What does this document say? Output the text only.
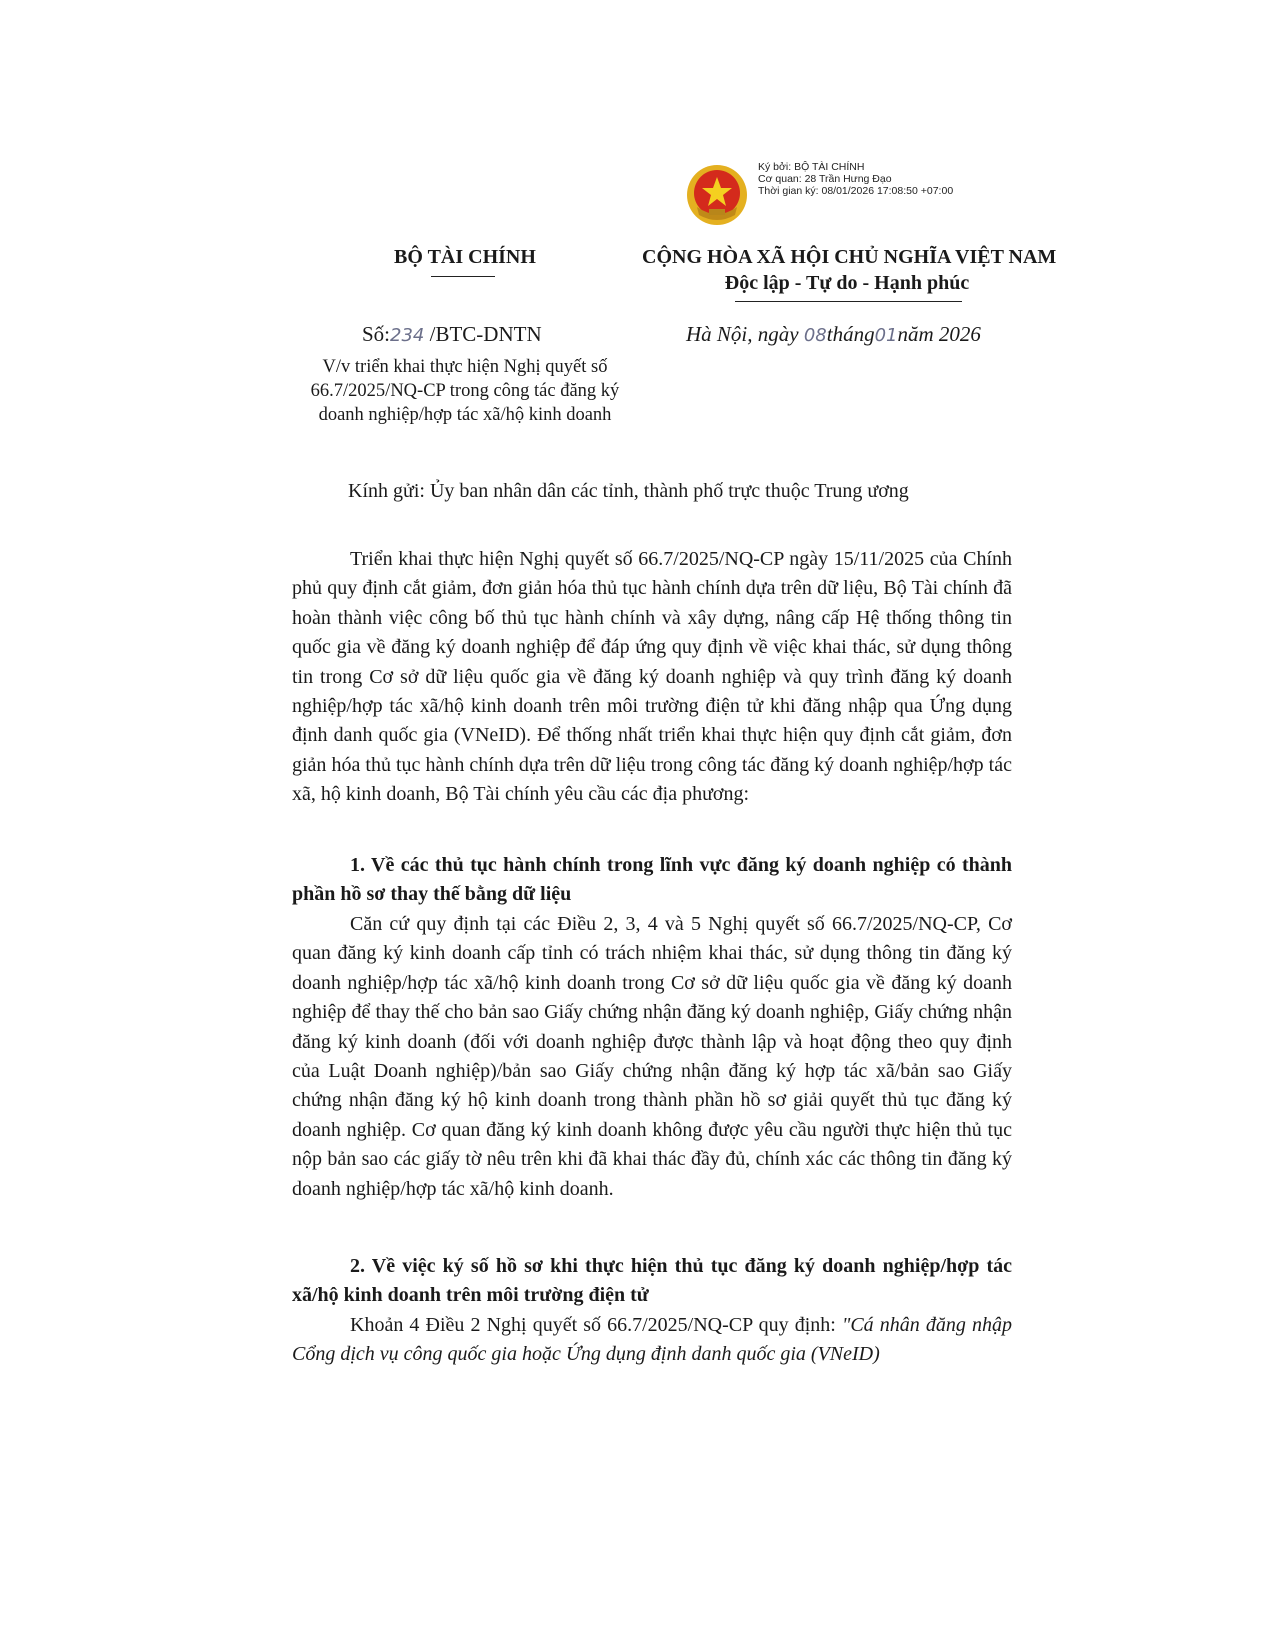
Ký bởi: BỘ TÀI CHÍNH
Cơ quan: 28 Trần Hưng Đạo
Thời gian ký: 08/01/2026 17:08:50 +07:00
BỘ TÀI CHÍNH	CỘNG HÒA XÃ HỘI CHỦ NGHĨA VIỆT NAM
Độc lập - Tự do - Hạnh phúc
Số:234 /BTC-DNTN	Hà Nội, ngày 08tháng01năm 2026
V/v triển khai thực hiện Nghị quyết số 66.7/2025/NQ-CP trong công tác đăng ký doanh nghiệp/hợp tác xã/hộ kinh doanh
Kính gửi: Ủy ban nhân dân các tỉnh, thành phố trực thuộc Trung ương
Triển khai thực hiện Nghị quyết số 66.7/2025/NQ-CP ngày 15/11/2025 của Chính phủ quy định cắt giảm, đơn giản hóa thủ tục hành chính dựa trên dữ liệu, Bộ Tài chính đã hoàn thành việc công bố thủ tục hành chính và xây dựng, nâng cấp Hệ thống thông tin quốc gia về đăng ký doanh nghiệp để đáp ứng quy định về việc khai thác, sử dụng thông tin trong Cơ sở dữ liệu quốc gia về đăng ký doanh nghiệp và quy trình đăng ký doanh nghiệp/hợp tác xã/hộ kinh doanh trên môi trường điện tử khi đăng nhập qua Ứng dụng định danh quốc gia (VNeID). Để thống nhất triển khai thực hiện quy định cắt giảm, đơn giản hóa thủ tục hành chính dựa trên dữ liệu trong công tác đăng ký doanh nghiệp/hợp tác xã, hộ kinh doanh, Bộ Tài chính yêu cầu các địa phương:
1. Về các thủ tục hành chính trong lĩnh vực đăng ký doanh nghiệp có thành phần hồ sơ thay thế bằng dữ liệu
Căn cứ quy định tại các Điều 2, 3, 4 và 5 Nghị quyết số 66.7/2025/NQ-CP, Cơ quan đăng ký kinh doanh cấp tỉnh có trách nhiệm khai thác, sử dụng thông tin đăng ký doanh nghiệp/hợp tác xã/hộ kinh doanh trong Cơ sở dữ liệu quốc gia về đăng ký doanh nghiệp để thay thế cho bản sao Giấy chứng nhận đăng ký doanh nghiệp, Giấy chứng nhận đăng ký kinh doanh (đối với doanh nghiệp được thành lập và hoạt động theo quy định của Luật Doanh nghiệp)/bản sao Giấy chứng nhận đăng ký hợp tác xã/bản sao Giấy chứng nhận đăng ký hộ kinh doanh trong thành phần hồ sơ giải quyết thủ tục đăng ký doanh nghiệp. Cơ quan đăng ký kinh doanh không được yêu cầu người thực hiện thủ tục nộp bản sao các giấy tờ nêu trên khi đã khai thác đầy đủ, chính xác các thông tin đăng ký doanh nghiệp/hợp tác xã/hộ kinh doanh.
2. Về việc ký số hồ sơ khi thực hiện thủ tục đăng ký doanh nghiệp/hợp tác xã/hộ kinh doanh trên môi trường điện tử
Khoản 4 Điều 2 Nghị quyết số 66.7/2025/NQ-CP quy định: "Cá nhân đăng nhập Cổng dịch vụ công quốc gia hoặc Ứng dụng định danh quốc gia (VNeID)
